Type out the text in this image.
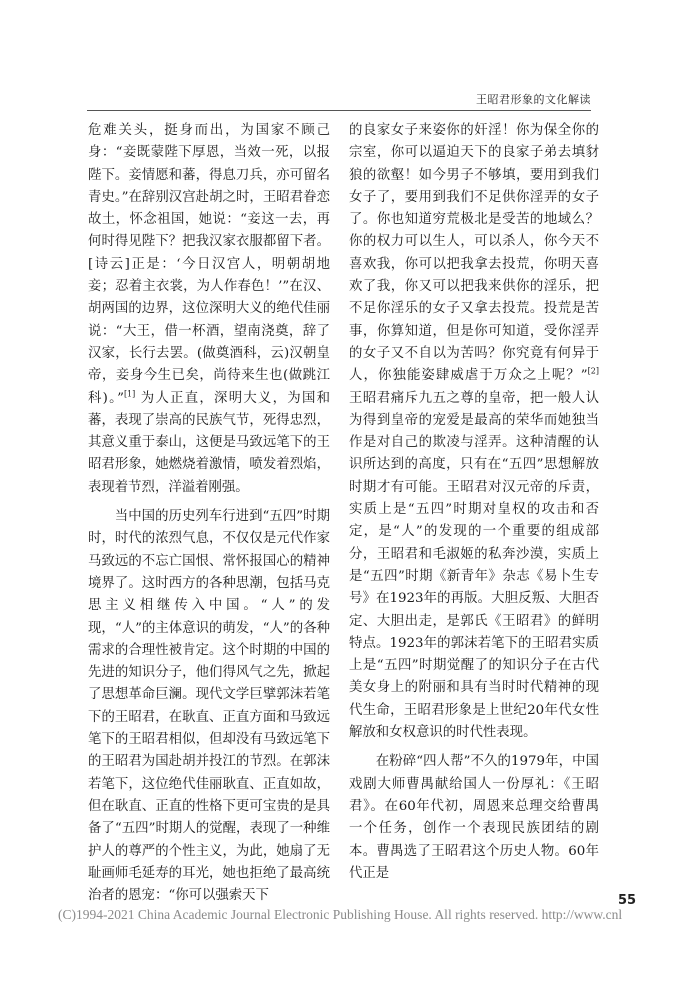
王昭君形象的文化解读

危难关头，挺身而出，为国家不顾己身：“妾既蒙陛下厚恩，当效一死，以报陛下。妾情愿和蕃，得息刀兵，亦可留名青史。”在辞别汉宫赴胡之时，王昭君眷恋故土，怀念祖国，她说：“妾这一去，再何时得见陛下？把我汉家衣服都留下者。[诗云]正是：‘今日汉宫人，明朝胡地妾；忍着主衣裳，为人作春色！’”在汉、胡两国的边界，这位深明大义的绝代佳丽说：“大王，借一杯酒，望南浇奠，辞了汉家，长行去罢。(做奠酒科，云)汉朝皇帝，妾身今生已矣，尚待来生也(做跳江科)。”[1] 为人正直，深明大义，为国和蕃，表现了崇高的民族气节，死得忠烈，其意义重于泰山，这便是马致远笔下的王昭君形象，她燃烧着激情，喷发着烈焰，表现着节烈，洋溢着刚强。

当中国的历史列车行进到“五四”时期时，时代的浓烈气息，不仅仅是元代作家马致远的不忘亡国恨、常怀报国心的精神境界了。这时西方的各种思潮，包括马克思主义相继传入中国。“人”的发现，“人”的主体意识的萌发，“人”的各种需求的合理性被肯定。这个时期的中国的先进的知识分子，他们得风气之先，掀起了思想革命巨澜。现代文学巨擘郭沫若笔下的王昭君，在耿直、正直方面和马致远笔下的王昭君相似，但却没有马致远笔下的王昭君为国赴胡并投江的节烈。在郭沫若笔下，这位绝代佳丽耿直、正直如故，但在耿直、正直的性格下更可宝贵的是具备了“五四”时期人的觉醒，表现了一种维护人的尊严的个性主义，为此，她扇了无耻画师毛延寿的耳光，她也拒绝了最高统治者的恩宠：“你可以强索天下

的良家女子来姿你的奸淫！你为保全你的宗室，你可以逼迫天下的良家子弟去填豺狼的欲壑！如今男子不够填，要用到我们女子了，要用到我们不足供你淫弄的女子了。你也知道穷荒极北是受苦的地域么？你的权力可以生人，可以杀人，你今天不喜欢我，你可以把我拿去投荒，你明天喜欢了我，你又可以把我来供你的淫乐，把不足你淫乐的女子又拿去投荒。投荒是苦事，你算知道，但是你可知道，受你淫弄的女子又不自以为苦吗？你究竟有何异于人，你独能姿肆威虐于万众之上呢？”[2] 王昭君痛斥九五之尊的皇帝，把一般人认为得到皇帝的宠爱是最高的荣华而她独当作是对自己的欺凌与淫弄。这种清醒的认识所达到的高度，只有在“五四”思想解放时期才有可能。王昭君对汉元帝的斥责，实质上是“五四”时期对皇权的攻击和否定，是“人”的发现的一个重要的组成部分，王昭君和毛淑姬的私奔沙漠，实质上是“五四”时期《新青年》杂志《易卜生专号》在1923年的再版。大胆反叛、大胆否定、大胆出走，是郭氏《王昭君》的鲜明特点。1923年的郭沫若笔下的王昭君实质上是“五四”时期觉醒了的知识分子在古代美女身上的附丽和具有当时时代精神的现代生命，王昭君形象是上世纪20年代女性解放和女权意识的时代性表现。

在粉碎“四人帮”不久的1979年，中国戏剧大师曹禺献给国人一份厚礼：《王昭君》。在60年代初，周恩来总理交给曹禺一个任务，创作一个表现民族团结的剧本。曹禺选了王昭君这个历史人物。60年代正是

55
(C)1994-2021 China Academic Journal Electronic Publishing House. All rights reserved. http://www.cnl
